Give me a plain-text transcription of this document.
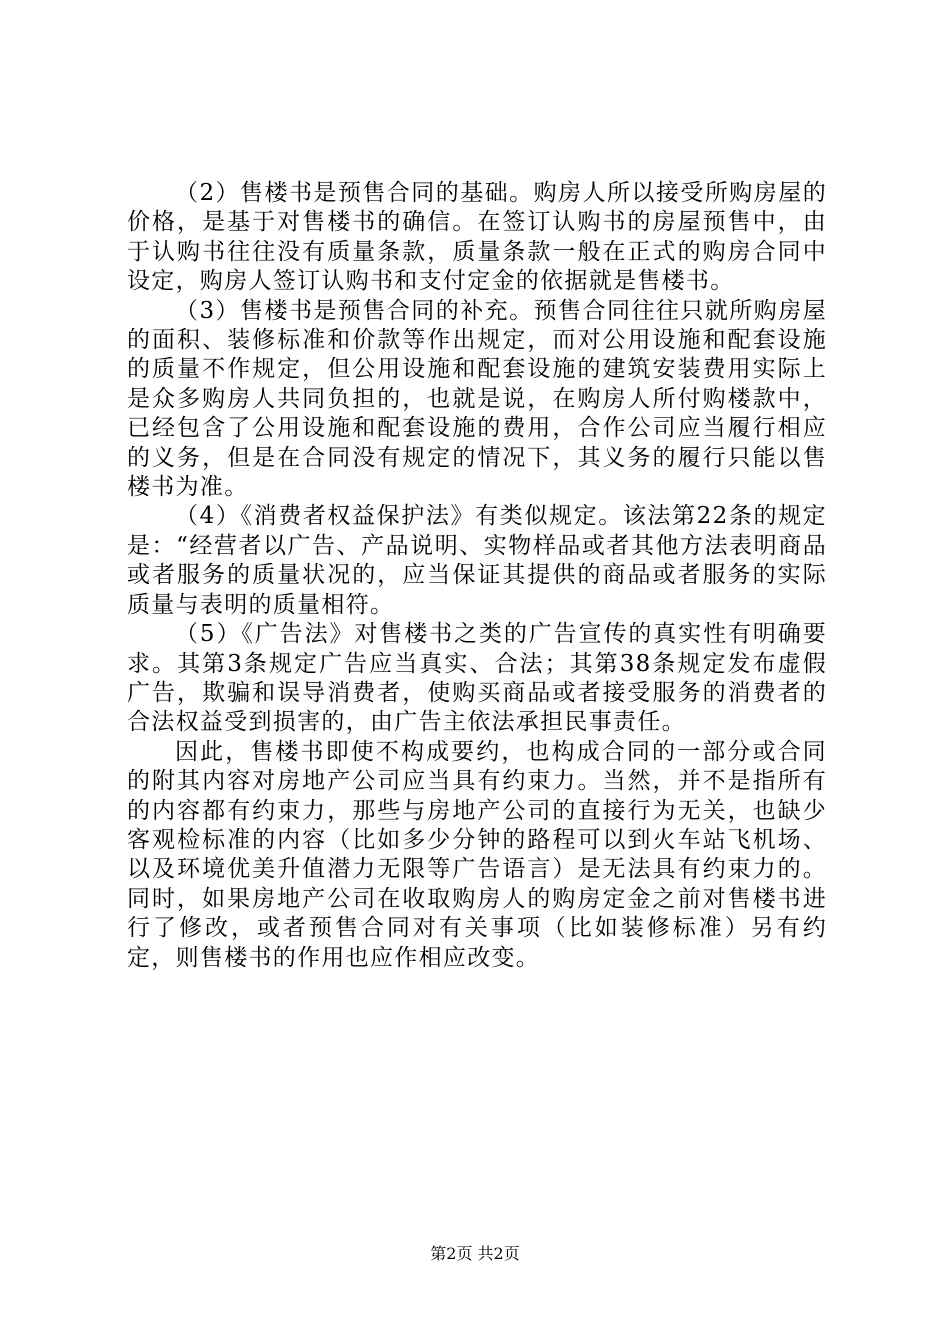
（2）售楼书是预售合同的基础。购房人所以接受所购房屋的价格，是基于对售楼书的确信。在签订认购书的房屋预售中，由于认购书往往没有质量条款，质量条款一般在正式的购房合同中设定，购房人签订认购书和支付定金的依据就是售楼书。

（3）售楼书是预售合同的补充。预售合同往往只就所购房屋的面积、装修标准和价款等作出规定，而对公用设施和配套设施的质量不作规定，但公用设施和配套设施的建筑安装费用实际上是众多购房人共同负担的，也就是说，在购房人所付购楼款中，已经包含了公用设施和配套设施的费用，合作公司应当履行相应的义务，但是在合同没有规定的情况下，其义务的履行只能以售楼书为准。

（4）《消费者权益保护法》有类似规定。该法第22条的规定是：“经营者以广告、产品说明、实物样品或者其他方法表明商品或者服务的质量状况的，应当保证其提供的商品或者服务的实际质量与表明的质量相符。

（5）《广告法》对售楼书之类的广告宣传的真实性有明确要求。其第3条规定广告应当真实、合法；其第38条规定发布虚假广告，欺骗和误导消费者，使购买商品或者接受服务的消费者的合法权益受到损害的，由广告主依法承担民事责任。

因此，售楼书即使不构成要约，也构成合同的一部分或合同的附其内容对房地产公司应当具有约束力。当然，并不是指所有的内容都有约束力，那些与房地产公司的直接行为无关，也缺少客观检标准的内容（比如多少分钟的路程可以到火车站飞机场、以及环境优美升值潜力无限等广告语言）是无法具有约束力的。同时，如果房地产公司在收取购房人的购房定金之前对售楼书进行了修改，或者预售合同对有关事项（比如装修标准）另有约定，则售楼书的作用也应作相应改变。

第2页 共2页
